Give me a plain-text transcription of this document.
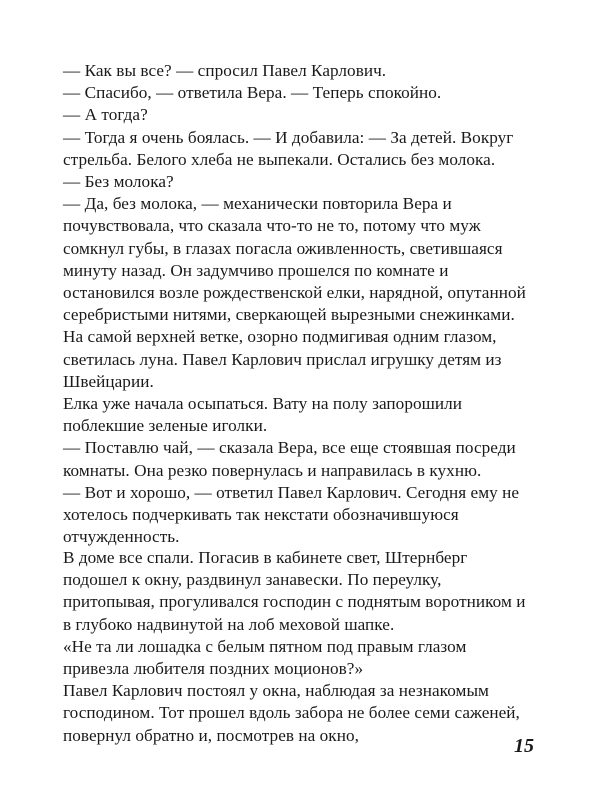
— Как вы все? — спросил Павел Карлович.

— Спасибо, — ответила Вера. — Теперь спокойно.

— А тогда?

— Тогда я очень боялась. — И добавила: — За детей. Вокруг стрельба. Белого хлеба не выпекали. Остались без молока.

— Без молока?

— Да, без молока, — механически повторила Вера и почувствовала, что сказала что-то не то, потому что муж сомкнул губы, в глазах погасла оживленность, светившаяся минуту назад. Он задумчиво прошелся по комнате и остановился возле рождественской елки, нарядной, опутанной серебристыми нитями, сверкающей вырезными снежинками. На самой верхней ветке, озорно подмигивая одним глазом, светилась луна. Павел Карлович прислал игрушку детям из Швейцарии.

Елка уже начала осыпаться. Вату на полу запорошили поблекшие зеленые иголки.

— Поставлю чай, — сказала Вера, все еще стоявшая посреди комнаты. Она резко повернулась и направилась в кухню.

— Вот и хорошо, — ответил Павел Карлович. Сегодня ему не хотелось подчеркивать так некстати обозначившуюся отчужденность.

В доме все спали. Погасив в кабинете свет, Штернберг подошел к окну, раздвинул занавески. По переулку, притопывая, прогуливался господин с поднятым воротником и в глубоко надвинутой на лоб меховой шапке.

«Не та ли лошадка с белым пятном под правым глазом привезла любителя поздних моционов?»

Павел Карлович постоял у окна, наблюдая за незнакомым господином. Тот прошел вдоль забора не более семи саженей, повернул обратно и, посмотрев на окно,	15
